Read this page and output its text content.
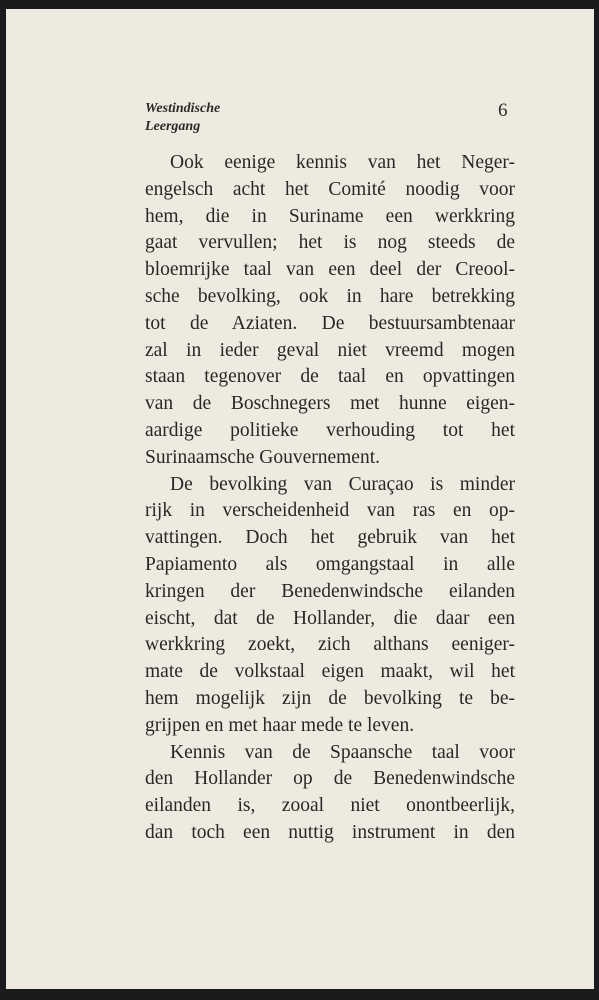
Westindische
Leergang
6
Ook eenige kennis van het Neger-
engelsch acht het Comité noodig voor
hem, die in Suriname een werkkring
gaat vervullen; het is nog steeds de
bloemrijke taal van een deel der Creool-
sche bevolking, ook in hare betrekking
tot de Aziaten. De bestuursambtenaar
zal in ieder geval niet vreemd mogen
staan tegenover de taal en opvattingen
van de Boschnegers met hunne eigen-
aardige politieke verhouding tot het
Surinaamsche Gouvernement.
De bevolking van Curaçao is minder
rijk in verscheidenheid van ras en op-
vattingen. Doch het gebruik van het
Papiamento als omgangstaal in alle
kringen der Benedenwindsche eilanden
eischt, dat de Hollander, die daar een
werkkring zoekt, zich althans eeniger-
mate de volkstaal eigen maakt, wil het
hem mogelijk zijn de bevolking te be-
grijpen en met haar mede te leven.
Kennis van de Spaansche taal voor
den Hollander op de Benedenwindsche
eilanden is, zooal niet onontbeerlijk,
dan toch een nuttig instrument in den
